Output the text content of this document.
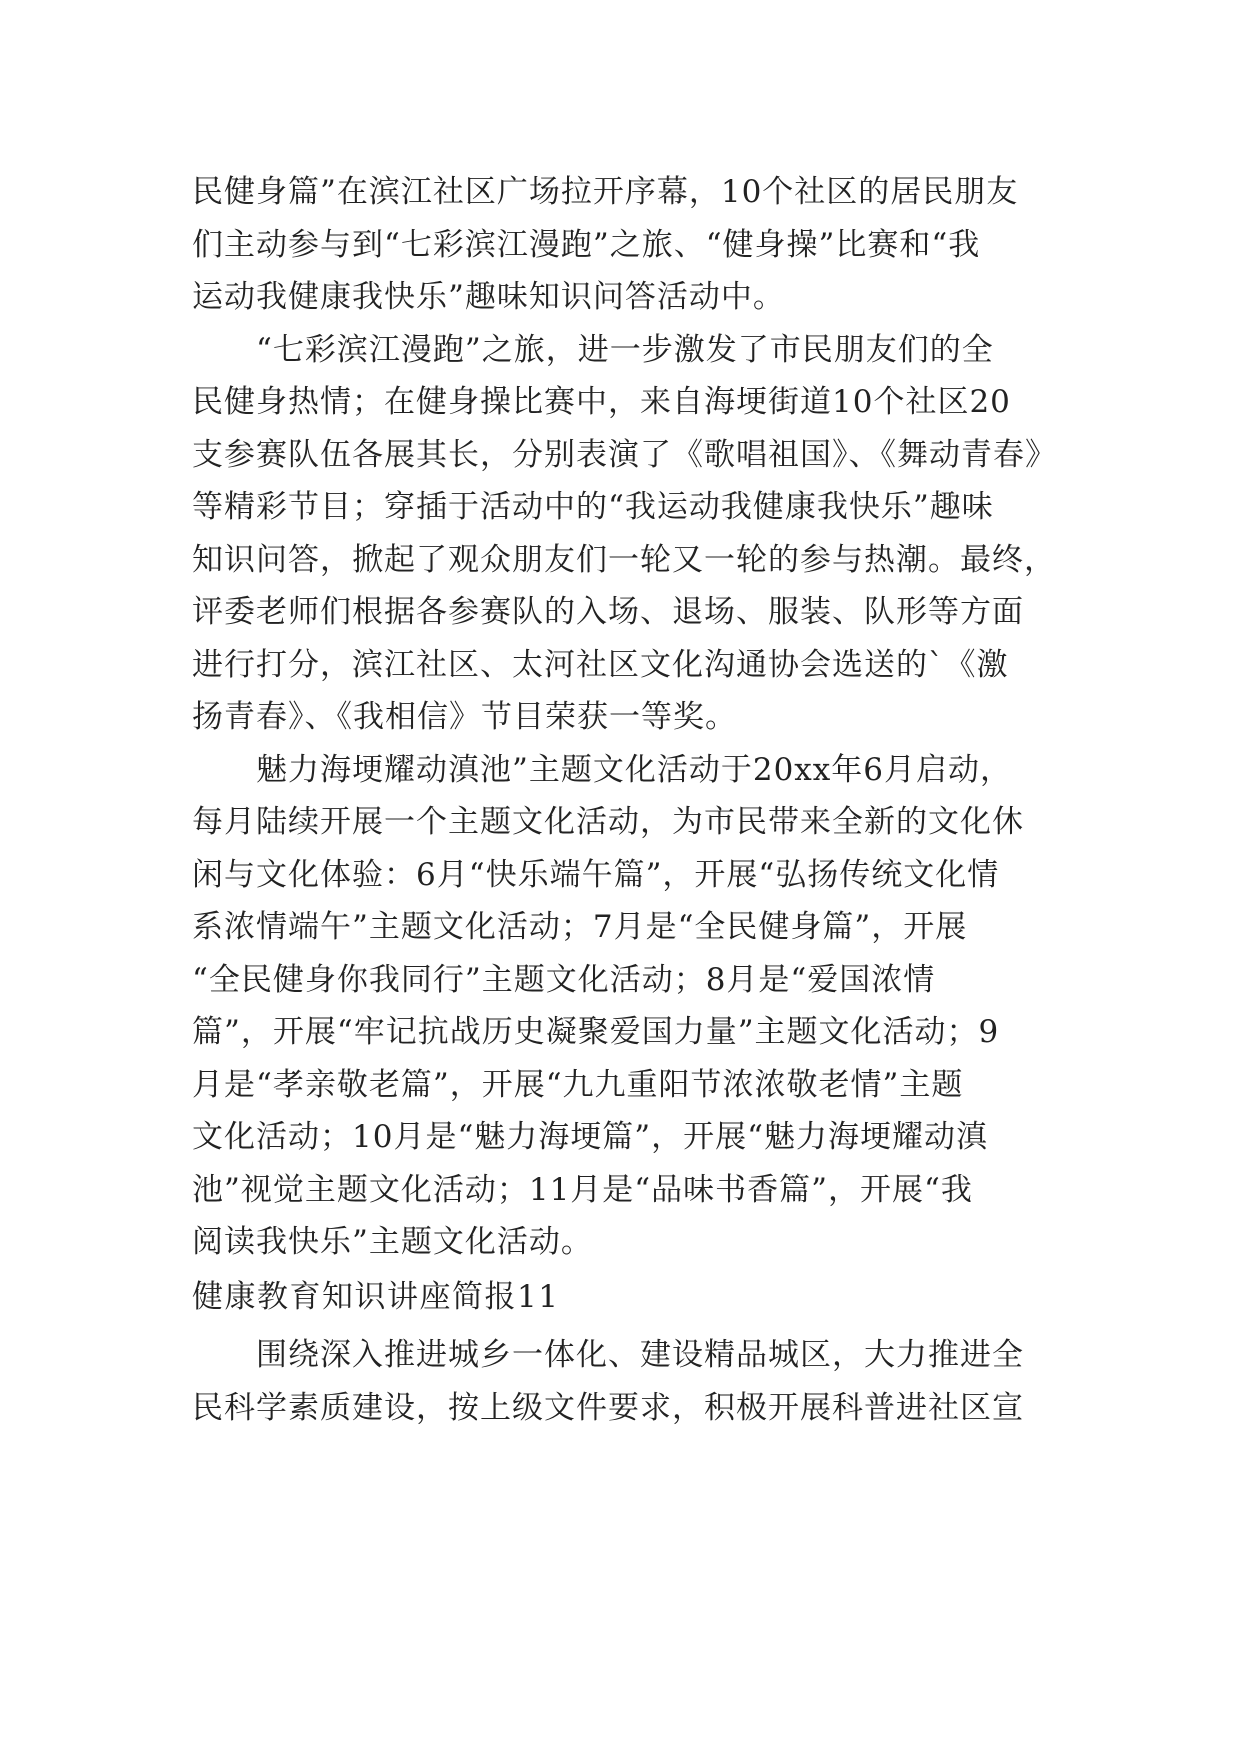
民健身篇”在滨江社区广场拉开序幕，10个社区的居民朋友
们主动参与到“七彩滨江漫跑”之旅、“健身操”比赛和“我
运动我健康我快乐”趣味知识问答活动中。
“七彩滨江漫跑”之旅，进一步激发了市民朋友们的全
民健身热情；在健身操比赛中，来自海埂街道10个社区20
支参赛队伍各展其长，分别表演了《歌唱祖国》、《舞动青春》
等精彩节目；穿插于活动中的“我运动我健康我快乐”趣味
知识问答，掀起了观众朋友们一轮又一轮的参与热潮。最终，
评委老师们根据各参赛队的入场、退场、服装、队形等方面
进行打分，滨江社区、太河社区文化沟通协会选送的`《激
扬青春》、《我相信》节目荣获一等奖。
魅力海埂耀动滇池”主题文化活动于20xx年6月启动，
每月陆续开展一个主题文化活动，为市民带来全新的文化休
闲与文化体验：6月“快乐端午篇”，开展“弘扬传统文化情
系浓情端午”主题文化活动；7月是“全民健身篇”，开展
“全民健身你我同行”主题文化活动；8月是“爱国浓情
篇”，开展“牢记抗战历史凝聚爱国力量”主题文化活动；9
月是“孝亲敬老篇”，开展“九九重阳节浓浓敬老情”主题
文化活动；10月是“魅力海埂篇”，开展“魅力海埂耀动滇
池”视觉主题文化活动；11月是“品味书香篇”，开展“我
阅读我快乐”主题文化活动。
健康教育知识讲座简报11
围绕深入推进城乡一体化、建设精品城区，大力推进全
民科学素质建设，按上级文件要求，积极开展科普进社区宣
